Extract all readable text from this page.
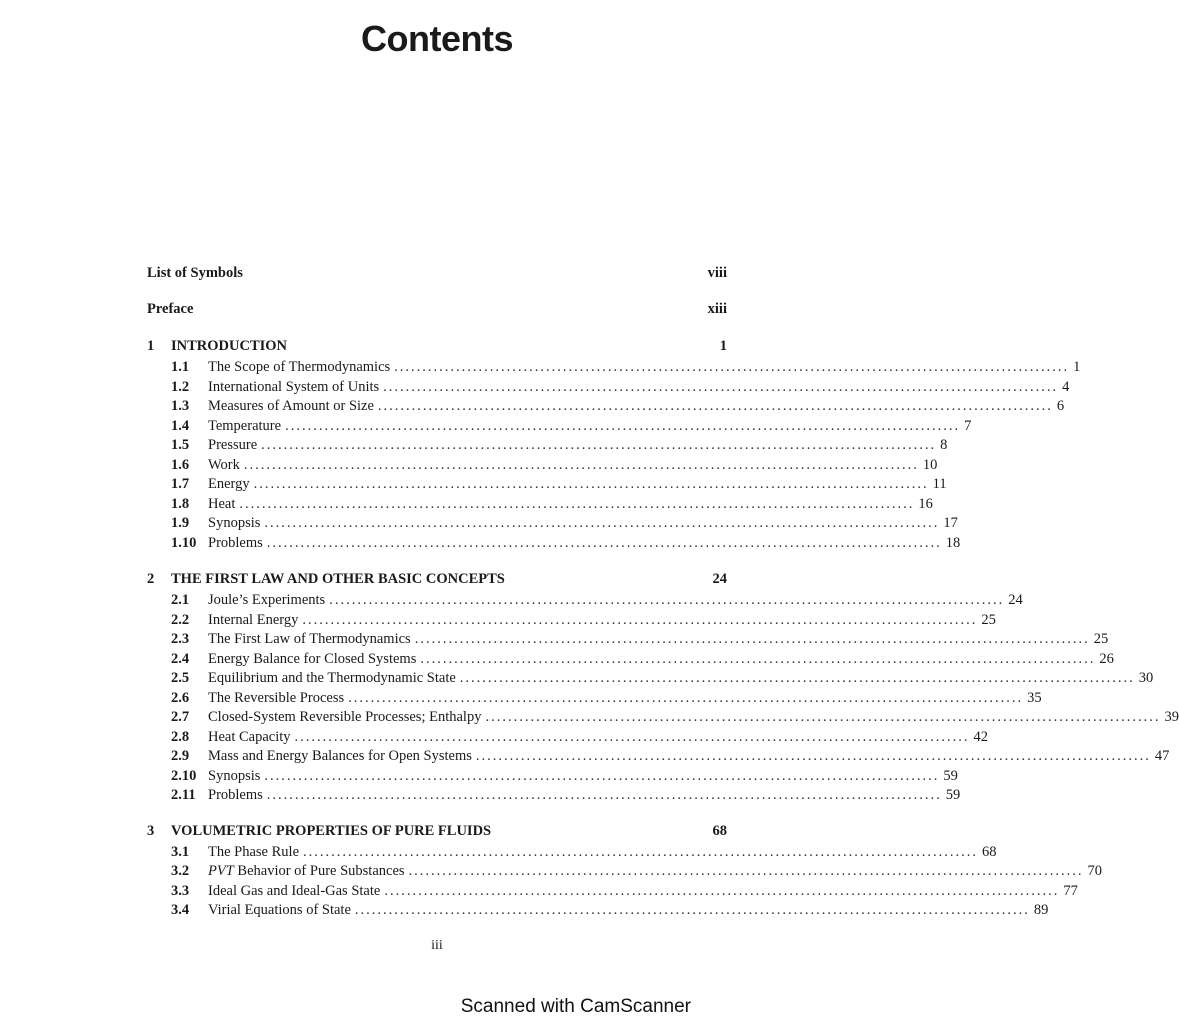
Contents
List of Symbols	viii
Preface	xiii
1 INTRODUCTION	1
1.1	The Scope of Thermodynamics ........................................................................................................................ 1
1.2	International System of Units ........................................................................................................................ 4
1.3	Measures of Amount or Size ........................................................................................................................ 6
1.4	Temperature ........................................................................................................................ 7
1.5	Pressure ........................................................................................................................ 8
1.6	Work ........................................................................................................................ 10
1.7	Energy ........................................................................................................................ 11
1.8	Heat ........................................................................................................................ 16
1.9	Synopsis ........................................................................................................................ 17
1.10 Problems ........................................................................................................................ 18
2 THE FIRST LAW AND OTHER BASIC CONCEPTS	24
2.1	Joule’s Experiments ........................................................................................................................ 24
2.2	Internal Energy ........................................................................................................................ 25
2.3	The First Law of Thermodynamics ........................................................................................................................ 25
2.4	Energy Balance for Closed Systems ........................................................................................................................ 26
2.5	Equilibrium and the Thermodynamic State ........................................................................................................................ 30
2.6	The Reversible Process ........................................................................................................................ 35
2.7	Closed-System Reversible Processes; Enthalpy ........................................................................................................................ 39
2.8	Heat Capacity ........................................................................................................................ 42
2.9	Mass and Energy Balances for Open Systems ........................................................................................................................ 47
2.10 Synopsis ........................................................................................................................ 59
2.11 Problems ........................................................................................................................ 59
3 VOLUMETRIC PROPERTIES OF PURE FLUIDS	68
3.1	The Phase Rule ........................................................................................................................ 68
3.2	PVT Behavior of Pure Substances ........................................................................................................................ 70
3.3	Ideal Gas and Ideal-Gas State ........................................................................................................................ 77
3.4	Virial Equations of State ........................................................................................................................ 89
iii
Scanned with CamScanner
